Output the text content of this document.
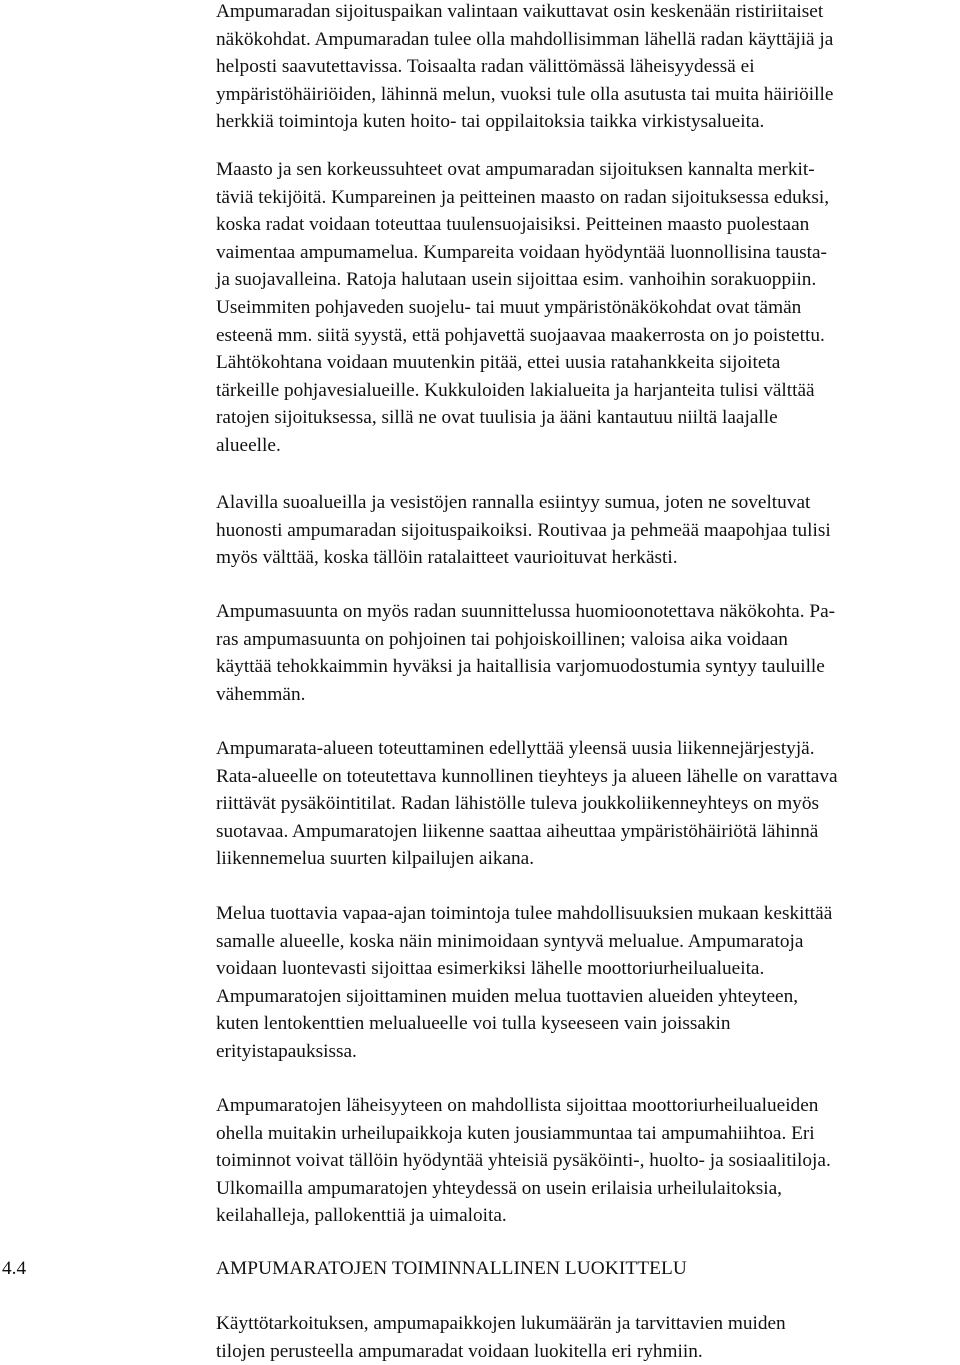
Ampumaradan sijoituspaikan valintaan vaikuttavat osin keskenään ristiriitaiset
näkökohdat. Ampumaradan tulee olla mahdollisimman lähellä radan käyttäjiä ja
helposti saavutettavissa. Toisaalta radan välittömässä läheisyydessä ei
ympäristöhäiriöiden, lähinnä melun, vuoksi tule olla asutusta tai muita häiriöille
herkkiä toimintoja kuten hoito- tai oppilaitoksia taikka virkistysalueita.

Maasto ja sen korkeussuhteet ovat ampumaradan sijoituksen kannalta merkit-
täviä tekijöitä. Kumpareinen ja peitteinen maasto on radan sijoituksessa eduksi,
koska radat voidaan toteuttaa tuulensuojaisiksi. Peitteinen maasto puolestaan
vaimentaa ampumamelua. Kumpareita voidaan hyödyntää luonnollisina tausta-
ja suojavalleina. Ratoja halutaan usein sijoittaa esim. vanhoihin sorakuoppiin.
Useimmiten pohjaveden suojelu- tai muut ympäristönäkökohdat ovat tämän
esteenä mm. siitä syystä, että pohjavettä suojaavaa maakerrosta on jo poistettu.
Lähtökohtana voidaan muutenkin pitää, ettei uusia ratahankkeita sijoiteta
tärkeille pohjavesialueille. Kukkuloiden lakialueita ja harjanteita tulisi välttää
ratojen sijoituksessa, sillä ne ovat tuulisia ja ääni kantautuu niiltä laajalle
alueelle.

Alavilla suoalueilla ja vesistöjen rannalla esiintyy sumua, joten ne soveltuvat
huonosti ampumaradan sijoituspaikoiksi. Routivaa ja pehmeää maapohjaa tulisi
myös välttää, koska tällöin ratalaitteet vaurioituvat herkästi.

Ampumasuunta on myös radan suunnittelussa huomioonotettava näkökohta. Pa-
ras ampumasuunta on pohjoinen tai pohjoiskoillinen; valoisa aika voidaan
käyttää tehokkaimmin hyväksi ja haitallisia varjomuodostumia syntyy tauluille
vähemmän.

Ampumarata-alueen toteuttaminen edellyttää yleensä uusia liikennejärjestyjä.
Rata-alueelle on toteutettava kunnollinen tieyhteys ja alueen lähelle on varattava
riittävät pysäköintitilat. Radan lähistölle tuleva joukkoliikenneyhteys on myös
suotavaa. Ampumaratojen liikenne saattaa aiheuttaa ympäristöhäiriötä lähinnä
liikennemelua suurten kilpailujen aikana.

Melua tuottavia vapaa-ajan toimintoja tulee mahdollisuuksien mukaan keskittää
samalle alueelle, koska näin minimoidaan syntyvä melualue. Ampumaratoja
voidaan luontevasti sijoittaa esimerkiksi lähelle moottoriurheilualueita.
Ampumaratojen sijoittaminen muiden melua tuottavien alueiden yhteyteen,
kuten lentokenttien melualueelle voi tulla kyseeseen vain joissakin
erityistapauksissa.

Ampumaratojen läheisyyteen on mahdollista sijoittaa moottoriurheilualueiden
ohella muitakin urheilupaikkoja kuten jousiammuntaa tai ampumahiihtoa. Eri
toiminnot voivat tällöin hyödyntää yhteisiä pysäköinti-, huolto- ja sosiaalitiloja.
Ulkomailla ampumaratojen yhteydessä on usein erilaisia urheilulaitoksia,
keilahalleja, pallokenttiä ja uimaloita.

4.4	AMPUMARATOJEN TOIMINNALLINEN LUOKITTELU

Käyttötarkoituksen, ampumapaikkojen lukumäärän ja tarvittavien muiden
tilojen perusteella ampumaradat voidaan luokitella eri ryhmiin.
